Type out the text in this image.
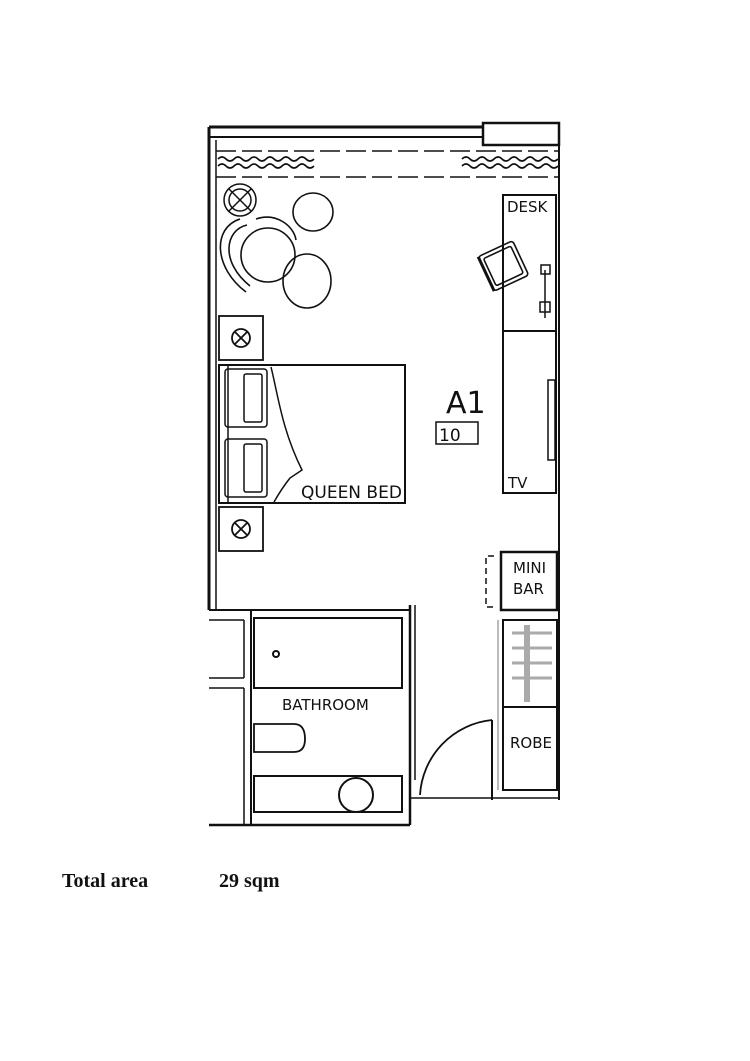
DESK
TV
QUEEN BED
A1
10
MINI
BAR
ROBE
BATHROOM
Total area	29 sqm
